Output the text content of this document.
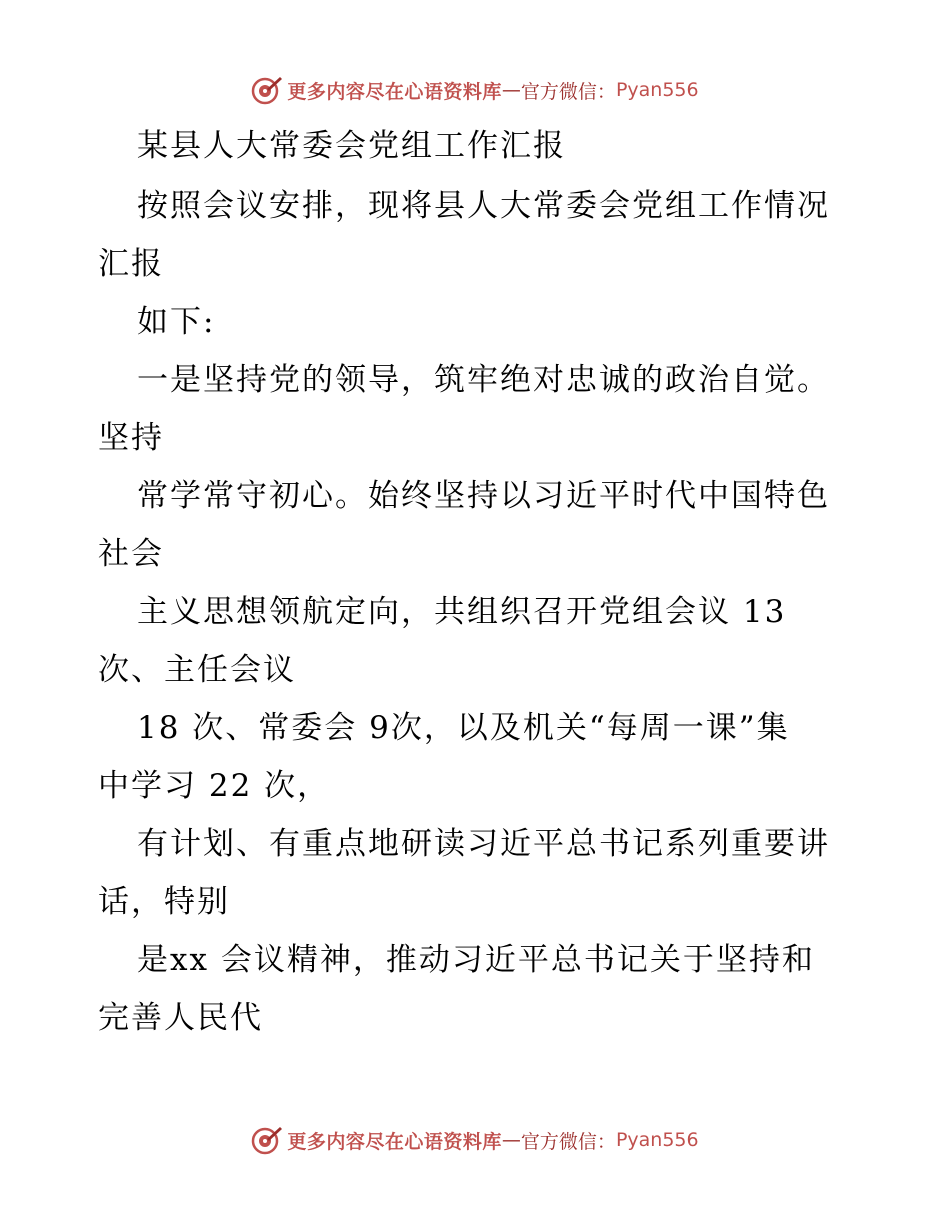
更多内容尽在心语资料库 — 官方微信： Pyan556
某县人大常委会党组工作汇报
按照会议安排，现将县人大常委会党组工作情况
汇报
如下:
一是坚持党的领导，筑牢绝对忠诚的政治自觉。
坚持
常学常守初心。始终坚持以习近平时代中国特色
社会
主义思想领航定向，共组织召开党组会议 13
次、主任会议
18 次、常委会 9次，以及机关“每周一课”集
中学习 22 次，
有计划、有重点地研读习近平总书记系列重要讲
话，特别
是xx 会议精神，推动习近平总书记关于坚持和
完善人民代
更多内容尽在心语资料库 — 官方微信： Pyan556
